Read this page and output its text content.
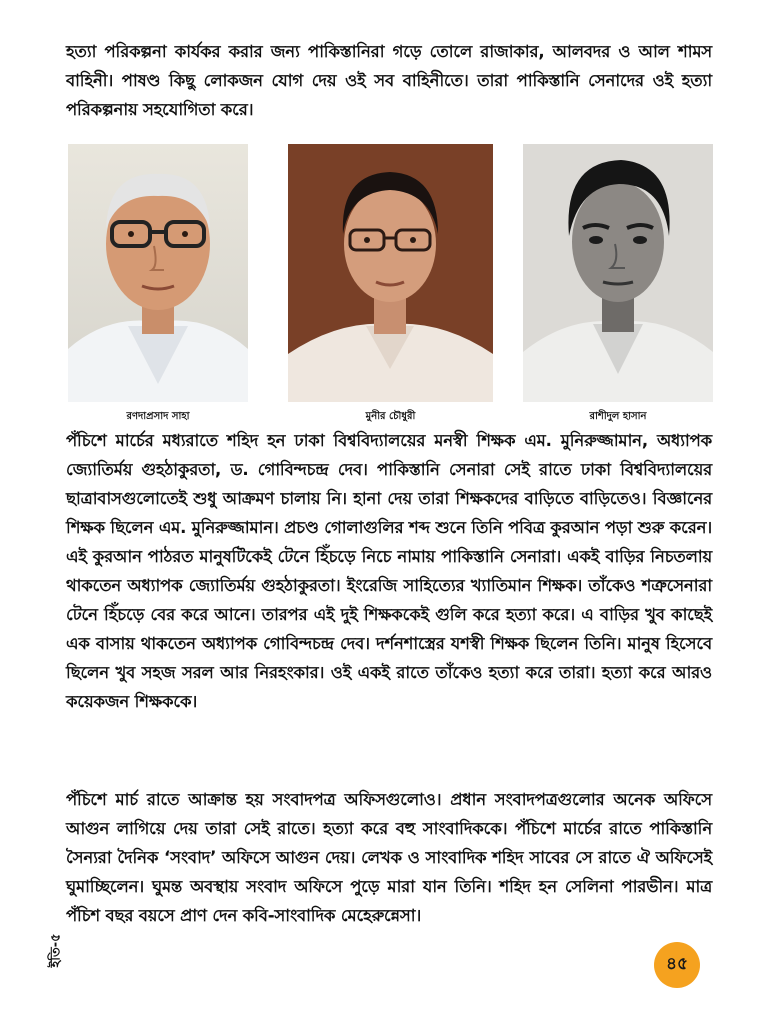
হত্যা পরিকল্পনা কার্যকর করার জন্য পাকিস্তানিরা গড়ে তোলে রাজাকার, আলবদর ও আল শামস বাহিনী। পাষণ্ড কিছু লোকজন যোগ দেয় ওই সব বাহিনীতে। তারা পাকিস্তানি সেনাদের ওই হত্যা পরিকল্পনায় সহযোগিতা করে।

রণদাপ্রসাদ সাহা	মুনীর চৌধুরী	রাশীদুল হাসান

পঁচিশে মার্চের মধ্যরাতে শহিদ হন ঢাকা বিশ্ববিদ্যালয়ের মনস্বী শিক্ষক এম. মুনিরুজ্জামান, অধ্যাপক জ্যোতির্ময় গুহঠাকুরতা, ড. গোবিন্দচন্দ্র দেব। পাকিস্তানি সেনারা সেই রাতে ঢাকা বিশ্ববিদ্যালয়ের ছাত্রাবাসগুলোতেই শুধু আক্রমণ চালায় নি। হানা দেয় তারা শিক্ষকদের বাড়িতে বাড়িতেও। বিজ্ঞানের শিক্ষক ছিলেন এম. মুনিরুজ্জামান। প্রচণ্ড গোলাগুলির শব্দ শুনে তিনি পবিত্র কুরআন পড়া শুরু করেন। এই কুরআন পাঠরত মানুষটিকেই টেনে হিঁচড়ে নিচে নামায় পাকিস্তানি সেনারা। একই বাড়ির নিচতলায় থাকতেন অধ্যাপক জ্যোতির্ময় গুহঠাকুরতা। ইংরেজি সাহিত্যের খ্যাতিমান শিক্ষক। তাঁকেও শত্রুসেনারা টেনে হিঁচড়ে বের করে আনে। তারপর এই দুই শিক্ষককেই গুলি করে হত্যা করে। এ বাড়ির খুব কাছেই এক বাসায় থাকতেন অধ্যাপক গোবিন্দচন্দ্র দেব। দর্শনশাস্ত্রের যশস্বী শিক্ষক ছিলেন তিনি। মানুষ হিসেবে ছিলেন খুব সহজ সরল আর নিরহংকার। ওই একই রাতে তাঁকেও হত্যা করে তারা। হত্যা করে আরও কয়েকজন শিক্ষককে।

পঁচিশে মার্চ রাতে আক্রান্ত হয় সংবাদপত্র অফিসগুলোও। প্রধান সংবাদপত্রগুলোর অনেক অফিসে আগুন লাগিয়ে দেয় তারা সেই রাতে। হত্যা করে বহু সাংবাদিককে। পঁচিশে মার্চের রাতে পাকিস্তানি সৈন্যরা দৈনিক ‘সংবাদ’ অফিসে আগুন দেয়। লেখক ও সাংবাদিক শহিদ সাবের সে রাতে ঐ অফিসেই ঘুমাচ্ছিলেন। ঘুমন্ত অবস্থায় সংবাদ অফিসে পুড়ে মারা যান তিনি। শহিদ হন সেলিনা পারভীন। মাত্র পঁচিশ বছর বয়সে প্রাণ দেন কবি-সাংবাদিক মেহেরুন্নেসা।

ইতি-৫	৪৫
